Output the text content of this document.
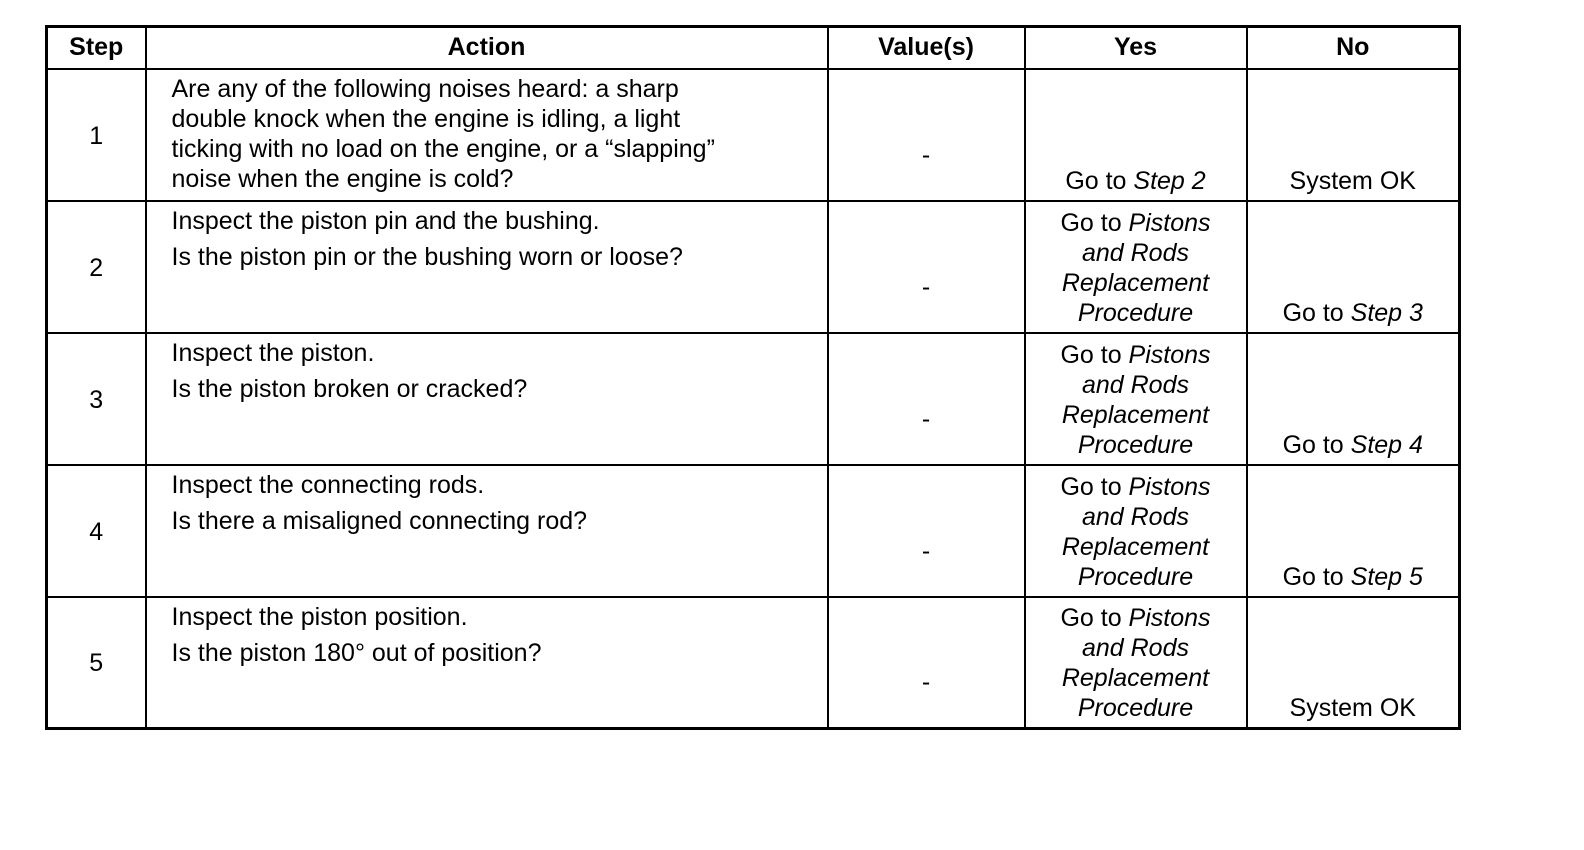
Step	Action	Value(s)	Yes	No
1	Are any of the following noises heard: a sharp
double knock when the engine is idling, a light
ticking with no load on the engine, or a “slapping”
noise when the engine is cold?	-	Go to Step 2	System OK
2	Inspect the piston pin and the bushing.
Is the piston pin or the bushing worn or loose?	-	Go to Pistons
and Rods
Replacement
Procedure	Go to Step 3
3	Inspect the piston.
Is the piston broken or cracked?	-	Go to Pistons
and Rods
Replacement
Procedure	Go to Step 4
4	Inspect the connecting rods.
Is there a misaligned connecting rod?	-	Go to Pistons
and Rods
Replacement
Procedure	Go to Step 5
5	Inspect the piston position.
Is the piston 180° out of position?	-	Go to Pistons
and Rods
Replacement
Procedure	System OK
